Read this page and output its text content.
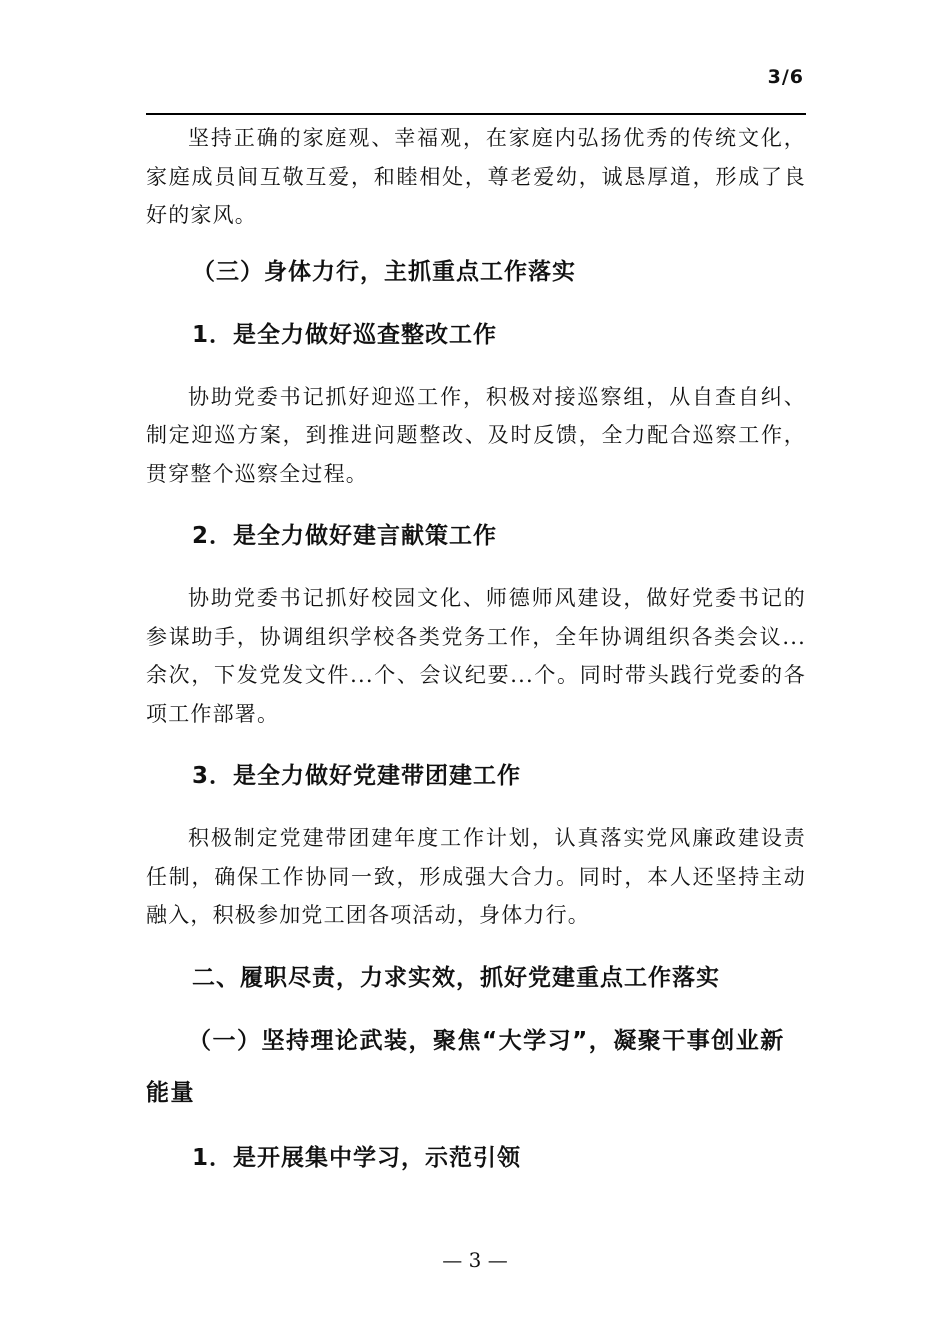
3/6

坚持正确的家庭观、幸福观，在家庭内弘扬优秀的传统文化，家庭成员间互敬互爱，和睦相处，尊老爱幼，诚恳厚道，形成了良好的家风。

（三）身体力行，主抓重点工作落实

1．是全力做好巡查整改工作

协助党委书记抓好迎巡工作，积极对接巡察组，从自查自纠、制定迎巡方案，到推进问题整改、及时反馈，全力配合巡察工作，贯穿整个巡察全过程。

2．是全力做好建言献策工作

协助党委书记抓好校园文化、师德师风建设，做好党委书记的参谋助手，协调组织学校各类党务工作，全年协调组织各类会议...余次，下发党发文件...个、会议纪要...个。同时带头践行党委的各项工作部署。

3．是全力做好党建带团建工作

积极制定党建带团建年度工作计划，认真落实党风廉政建设责任制，确保工作协同一致，形成强大合力。同时，本人还坚持主动融入，积极参加党工团各项活动，身体力行。

二、履职尽责，力求实效，抓好党建重点工作落实

（一）坚持理论武装，聚焦“大学习”，凝聚干事创业新能量

1．是开展集中学习，示范引领

— 3 —
